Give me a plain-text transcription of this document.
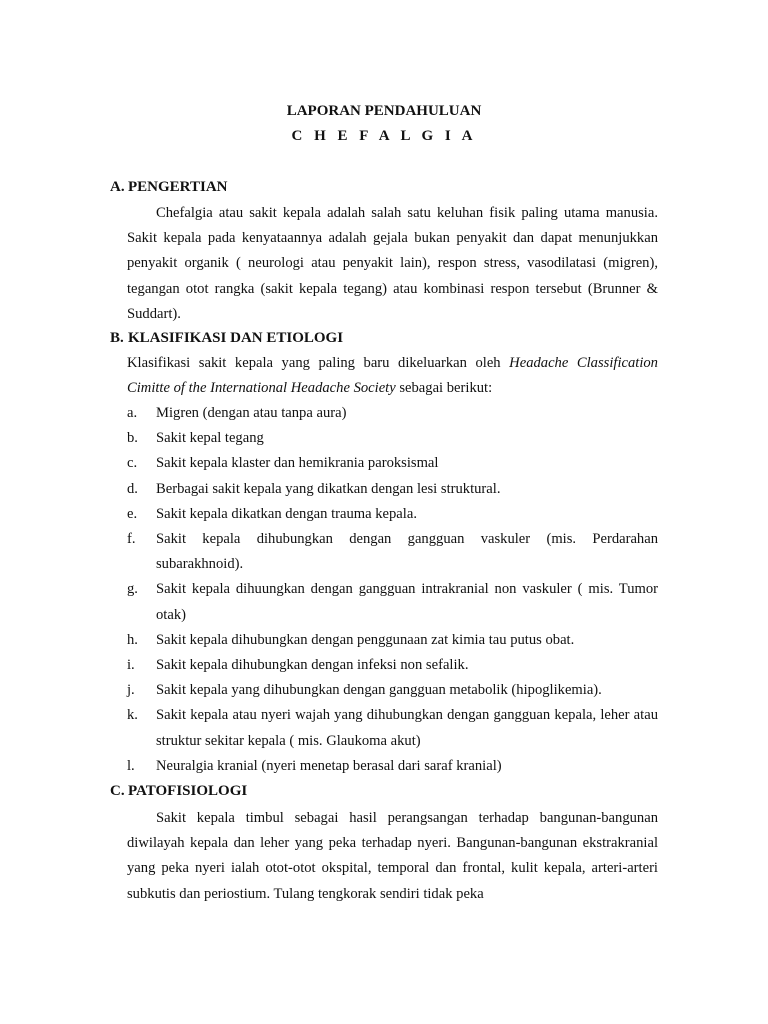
LAPORAN PENDAHULUAN
C H E F A L G I A
A. PENGERTIAN
Chefalgia atau sakit kepala adalah salah satu keluhan fisik paling utama manusia. Sakit kepala pada kenyataannya adalah gejala bukan penyakit dan dapat menunjukkan penyakit organik ( neurologi atau penyakit lain), respon stress, vasodilatasi (migren), tegangan otot rangka (sakit kepala tegang) atau kombinasi respon tersebut (Brunner & Suddart).
B. KLASIFIKASI DAN ETIOLOGI
Klasifikasi sakit kepala yang paling baru dikeluarkan oleh Headache Classification Cimitte of the International Headache Society sebagai berikut:
a. Migren (dengan atau tanpa aura)
b. Sakit kepal tegang
c. Sakit kepala klaster dan hemikrania paroksismal
d. Berbagai sakit kepala yang dikatkan dengan lesi struktural.
e. Sakit kepala dikatkan dengan trauma kepala.
f. Sakit kepala dihubungkan dengan gangguan vaskuler (mis. Perdarahan subarakhnoid).
g. Sakit kepala dihuungkan dengan gangguan intrakranial non vaskuler ( mis. Tumor otak)
h. Sakit kepala dihubungkan dengan penggunaan zat kimia tau putus obat.
i. Sakit kepala dihubungkan dengan infeksi non sefalik.
j. Sakit kepala yang dihubungkan dengan gangguan metabolik (hipoglikemia).
k. Sakit kepala atau nyeri wajah yang dihubungkan dengan gangguan kepala, leher atau     struktur sekitar kepala ( mis. Glaukoma akut)
l. Neuralgia kranial (nyeri menetap berasal dari saraf kranial)
C. PATOFISIOLOGI
Sakit kepala timbul sebagai hasil perangsangan terhadap bangunan-bangunan diwilayah kepala dan leher yang peka terhadap nyeri. Bangunan-bangunan ekstrakranial yang peka nyeri ialah otot-otot okspital, temporal dan frontal, kulit kepala, arteri-arteri subkutis dan periostium. Tulang tengkorak sendiri tidak peka
